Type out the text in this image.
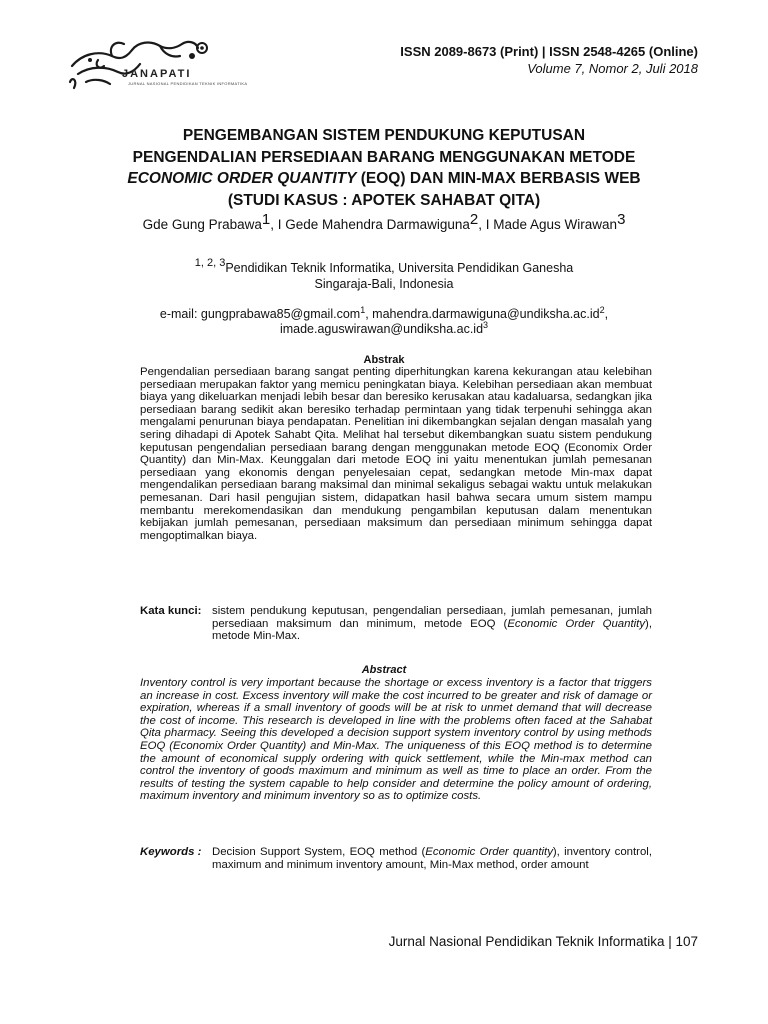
JANAPATI
JURNAL NASIONAL PENDIDIKAN TEKNIK INFORMATIKA
ISSN 2089-8673 (Print) | ISSN 2548-4265 (Online)
Volume 7, Nomor 2, Juli 2018
PENGEMBANGAN SISTEM PENDUKUNG KEPUTUSAN
PENGENDALIAN PERSEDIAAN BARANG MENGGUNAKAN METODE
ECONOMIC ORDER QUANTITY (EOQ) DAN MIN-MAX BERBASIS WEB
(STUDI KASUS : APOTEK SAHABAT QITA)
Gde Gung Prabawa$^1$, I Gede Mahendra Darmawiguna$^2$, I Made Agus Wirawan$^3$
$^{1, 2, 3}$Pendidikan Teknik Informatika, Universita Pendidikan Ganesha
Singaraja-Bali, Indonesia
e-mail: gungprabawa85@gmail.com$^1$, $mahendra.darmawiguna@undiksha.ac.id^2$,
$imade.aguswirawan@undiksha.ac.id^3$
Abstrak
Pengendalian persediaan barang sangat penting diperhitungkan karena kekurangan atau kelebihan persediaan merupakan faktor yang memicu peningkatan biaya. Kelebihan persediaan akan membuat biaya yang dikeluarkan menjadi lebih besar dan beresiko kerusakan atau kadaluarsa, sedangkan jika persediaan barang sedikit akan beresiko terhadap permintaan yang tidak terpenuhi sehingga akan mengalami penurunan biaya pendapatan. Penelitian ini dikembangkan sejalan dengan masalah yang sering dihadapi di Apotek Sahabt Qita. Melihat hal tersebut dikembangkan suatu sistem pendukung keputusan pengendalian persediaan barang dengan menggunakan metode EOQ (Economix Order Quantity) dan Min-Max. Keunggalan dari metode EOQ ini yaitu menentukan jumlah pemesanan persediaan yang ekonomis dengan penyelesaian cepat, sedangkan metode Min-max dapat mengendalikan persediaan barang maksimal dan minimal sekaligus sebagai waktu untuk melakukan pemesanan. Dari hasil pengujian sistem, didapatkan hasil bahwa secara umum sistem mampu membantu merekomendasikan dan mendukung pengambilan keputusan dalam menentukan kebijakan jumlah pemesanan, persediaan maksimum dan persediaan minimum sehingga dapat mengoptimalkan biaya.
Kata kunci: sistem pendukung keputusan, pengendalian persediaan, jumlah pemesanan, jumlah persediaan maksimum dan minimum, metode EOQ (Economic Order Quantity), metode Min-Max.
Abstract
Inventory control is very important because the shortage or excess inventory is a factor that triggers an increase in cost. Excess inventory will make the cost incurred to be greater and risk of damage or expiration, whereas if a small inventory of goods will be at risk to unmet demand that will decrease the cost of income. This research is developed in line with the problems often faced at the Sahabat Qita pharmacy. Seeing this developed a decision support system inventory control by using methods EOQ (Economix Order Quantity) and Min-Max. The uniqueness of this EOQ method is to determine the amount of economical supply ordering with quick settlement, while the Min-max method can control the inventory of goods maximum and minimum as well as time to place an order. From the results of testing the system capable to help consider and determine the policy amount of ordering, maximum inventory and minimum inventory so as to optimize costs.
Keywords : Decision Support System, EOQ method (Economic Order quantity), inventory control, maximum and minimum inventory amount, Min-Max method, order amount
Jurnal Nasional Pendidikan Teknik Informatika | 107
